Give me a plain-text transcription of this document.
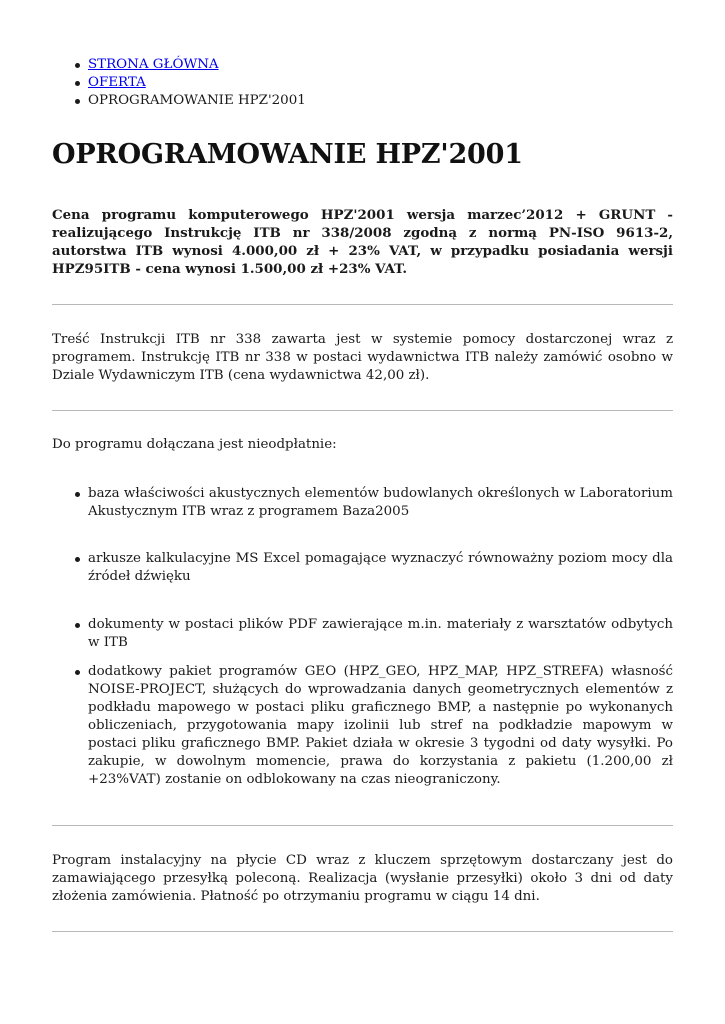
STRONA GŁÓWNA
OFERTA
OPROGRAMOWANIE HPZ'2001
OPROGRAMOWANIE HPZ'2001

Cena programu komputerowego HPZ'2001 wersja marzec’2012 + GRUNT - realizującego Instrukcję ITB nr 338/2008 zgodną z normą PN-ISO 9613-2, autorstwa ITB wynosi 4.000,00 zł + 23% VAT, w przypadku posiadania wersji HPZ95ITB - cena wynosi 1.500,00 zł +23% VAT.

Treść Instrukcji ITB nr 338 zawarta jest w systemie pomocy dostarczonej wraz z programem. Instrukcję ITB nr 338 w postaci wydawnictwa ITB należy zamówić osobno w Dziale Wydawniczym ITB (cena wydawnictwa 42,00 zł).

Do programu dołączana jest nieodpłatnie:

baza właściwości akustycznych elementów budowlanych określonych w Laboratorium Akustycznym ITB wraz z programem Baza2005

arkusze kalkulacyjne MS Excel pomagające wyznaczyć równoważny poziom mocy dla źródeł dźwięku

dokumenty w postaci plików PDF zawierające m.in. materiały z warsztatów odbytych w ITB

dodatkowy pakiet programów GEO (HPZ_GEO, HPZ_MAP, HPZ_STREFA) własność NOISE-PROJECT, służących do wprowadzania danych geometrycznych elementów z podkładu mapowego w postaci pliku graficznego BMP, a następnie po wykonanych obliczeniach, przygotowania mapy izolinii lub stref na podkładzie mapowym w postaci pliku graficznego BMP. Pakiet działa w okresie 3 tygodni od daty wysyłki. Po zakupie, w dowolnym momencie, prawa do korzystania z pakietu (1.200,00 zł +23%VAT) zostanie on odblokowany na czas nieograniczony.

Program instalacyjny na płycie CD wraz z kluczem sprzętowym dostarczany jest do zamawiającego przesyłką poleconą. Realizacja (wysłanie przesyłki) około 3 dni od daty złożenia zamówienia. Płatność po otrzymaniu programu w ciągu 14 dni.
